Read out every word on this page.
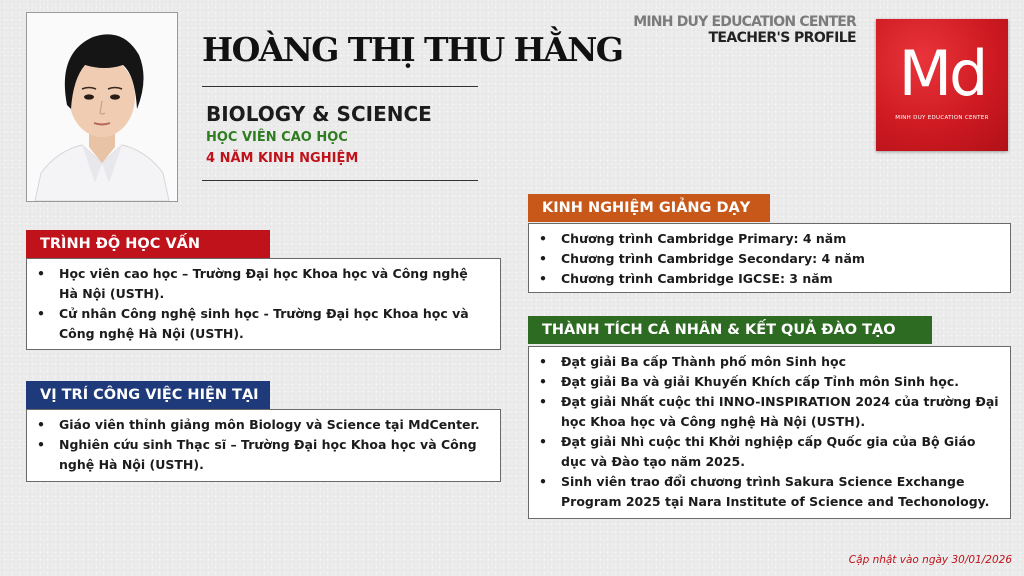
HOÀNG THỊ THU HẰNG
BIOLOGY & SCIENCE
HỌC VIÊN CAO HỌC
4 NĂM KINH NGHIỆM
MINH DUY EDUCATION CENTER
TEACHER'S PROFILE Md
MINH DUY EDUCATION CENTER
TRÌNH ĐỘ HỌC VẤN
• Học viên cao học – Trường Đại học Khoa học và Công nghệ Hà Nội (USTH).
• Cử nhân Công nghệ sinh học - Trường Đại học Khoa học và Công nghệ Hà Nội (USTH).
VỊ TRÍ CÔNG VIỆC HIỆN TẠI
• Giáo viên thỉnh giảng môn Biology và Science tại MdCenter.
• Nghiên cứu sinh Thạc sĩ – Trường Đại học Khoa học và Công nghệ Hà Nội (USTH).
KINH NGHIỆM GIẢNG DẠY
• Chương trình Cambridge Primary: 4 năm
• Chương trình Cambridge Secondary: 4 năm
• Chương trình Cambridge IGCSE: 3 năm
THÀNH TÍCH CÁ NHÂN & KẾT QUẢ ĐÀO TẠO
• Đạt giải Ba cấp Thành phố môn Sinh học
• Đạt giải Ba và giải Khuyến Khích cấp Tỉnh môn Sinh học.
• Đạt giải Nhất cuộc thi INNO-INSPIRATION 2024 của trường Đại học Khoa học và Công nghệ Hà Nội (USTH).
• Đạt giải Nhì cuộc thi Khởi nghiệp cấp Quốc gia của Bộ Giáo dục và Đào tạo năm 2025.
• Sinh viên trao đổi chương trình Sakura Science Exchange Program 2025 tại Nara Institute of Science and Techonology.
Cập nhật vào ngày 30/01/2026
